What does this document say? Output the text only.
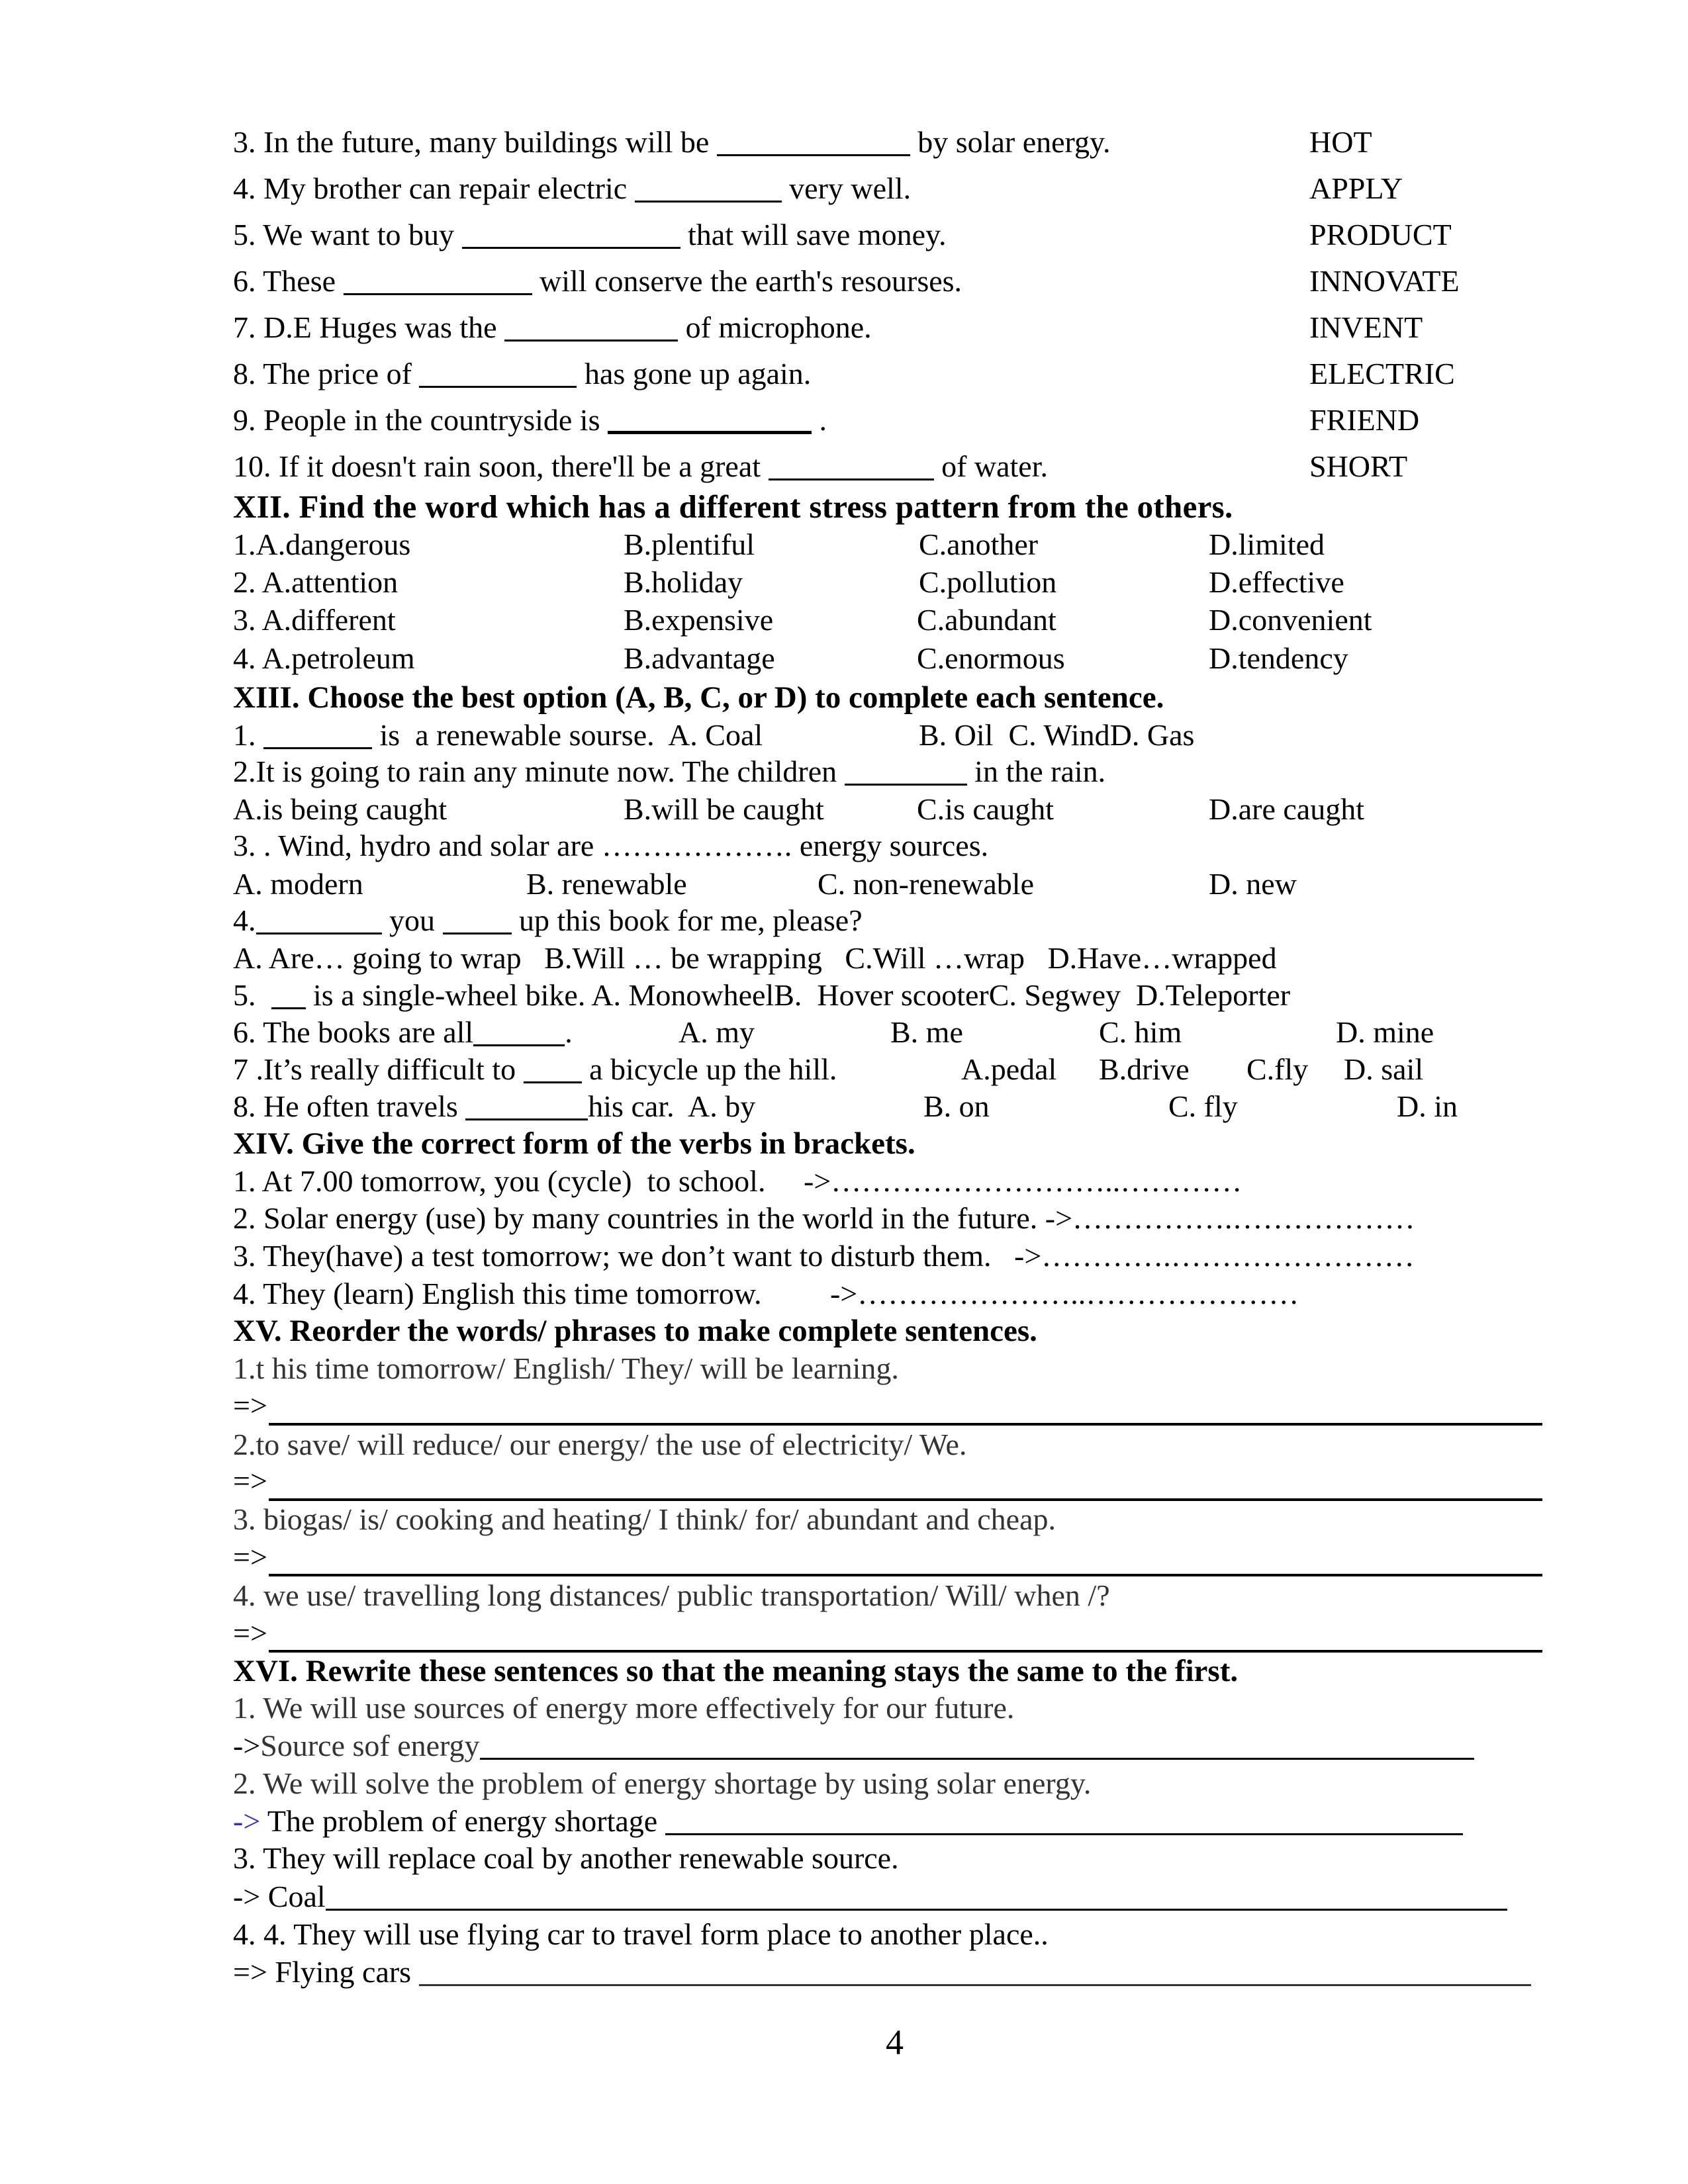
3. In the future, many buildings will be	by solar energy.	HOT
4. My brother can repair electric	very well.	APPLY
5. We want to buy	that will save money.	PRODUCT
6. These	will conserve the earth's resourses.	INNOVATE
7. D.E Huges was the	of microphone.	INVENT
8. The price of	has gone up again.	ELECTRIC
9. People in the countryside is	.	FRIEND
10. If it doesn't rain soon, there'll be a great	of water.	SHORT
XII. Find the word which has a different stress pattern from the others.
1.A.dangerous	B.plentiful	C.another	D.limited
2. A.attention	B.holiday	C.pollution	D.effective
3. A.different	B.expensive	C.abundant	D.convenient
4. A.petroleum	B.advantage	C.enormous	D.tendency
XIII. Choose the best option (A, B, C, or D) to complete each sentence.
1.	is  a renewable sourse.  A. Coal	B. Oil  C. WindD. Gas
2.It is going to rain any minute now. The children	in the rain.
A.is being caught	B.will be caught	C.is caught	D.are caught
3. . Wind, hydro and solar are ………………. energy sources.
A. modern	B. renewable	C. non-renewable	D. new
4.	you  up this book for me, please?
A. Are… going to wrap   B.Will … be wrapping   C.Will …wrap   D.Have…wrapped
5.   is a single-wheel bike. A. MonowheelB.  Hover scooterC. Segwey  D.Teleporter
6. The books are all	.	A. my	B. me	C. him	D. mine
7 .It’s really difficult to  a bicycle up the hill.	A.pedal B.drive C.fly D. sail
8. He often travels	his car.  A. by	B. on	C. fly	D. in
XIV. Give the correct form of the verbs in brackets.
1. At 7.00 tomorrow, you (cycle)  to school.     ->………………………..…………
2. Solar energy (use) by many countries in the world in the future. ->…………….………………
3. They(have) a test tomorrow; we don’t want to disturb them.   ->………….……………………
4. They (learn) English this time tomorrow.         ->…………………..…………………
XV. Reorder the words/ phrases to make complete sentences.
1.t his time tomorrow/ English/ They/ will be learning.
=>
2.to save/ will reduce/ our energy/ the use of electricity/ We.
=>
3. biogas/ is/ cooking and heating/ I think/ for/ abundant and cheap.
=>
4. we use/ travelling long distances/ public transportation/ Will/ when /?
=>
XVI. Rewrite these sentences so that the meaning stays the same to the first.
1. We will use sources of energy more effectively for our future.
->Source sof energy
2. We will solve the problem of energy shortage by using solar energy.
-> The problem of energy shortage
3. They will replace coal by another renewable source.
-> Coal
4. 4. They will use flying car to travel form place to another place..
=> Flying cars
4
